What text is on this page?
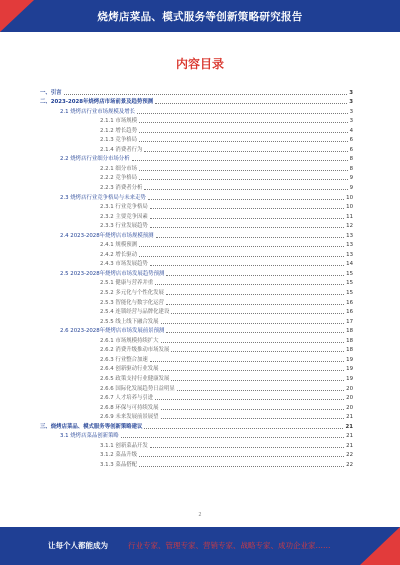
烧烤店菜品、模式服务等创新策略研究报告
内容目录
一、引言	3
二、2023-2028年烧烤店市场前景及趋势预测	3
2.1 烧烤店行业市场规模及增长	3
2.1.1 市场规模	3
2.1.2 增长趋势	4
2.1.3 竞争格局	6
2.1.4 消费者行为	6
2.2 烧烤店行业细分市场分析	8
2.2.1 细分市场	8
2.2.2 竞争格局	9
2.2.3 消费者分析	9
2.3 烧烤店行业竞争格局与未来走势	10
2.3.1 行业竞争格局	10
2.3.2 主要竞争因素	11
2.3.3 行业发展趋势	12
2.4 2023-2028年烧烤店市场规模预测	13
2.4.1 规模预测	13
2.4.2 增长驱动	13
2.4.3 市场发展趋势	14
2.5 2023-2028年烧烤店市场发展趋势预测	15
2.5.1 健康与营养并重	15
2.5.2 多元化与个性化发展	15
2.5.3 智能化与数字化运营	16
2.5.4 连锁经营与品牌化建设	16
2.5.5 线上线下融合发展	17
2.6 2023-2028年烧烤店市场发展前景预测	18
2.6.1 市场规模持续扩大	18
2.6.2 消费升级推动市场发展	18
2.6.3 行业整合加速	19
2.6.4 创新驱动行业发展	19
2.6.5 政策支持行业健康发展	19
2.6.6 国际化发展趋势日益明显	20
2.6.7 人才培养与引进	20
2.6.8 环保与可持续发展	20
2.6.9 未来发展前景展望	21
三、烧烤店菜品、模式服务等创新策略建议	21
3.1 烧烤店菜品创新策略	21
3.1.1 创新菜品开发	21
3.1.2 菜品升级	22
3.1.3 菜品搭配	22
2
让每个人都能成为	行业专家、管理专家、营销专家、战略专家、成功企业家……
